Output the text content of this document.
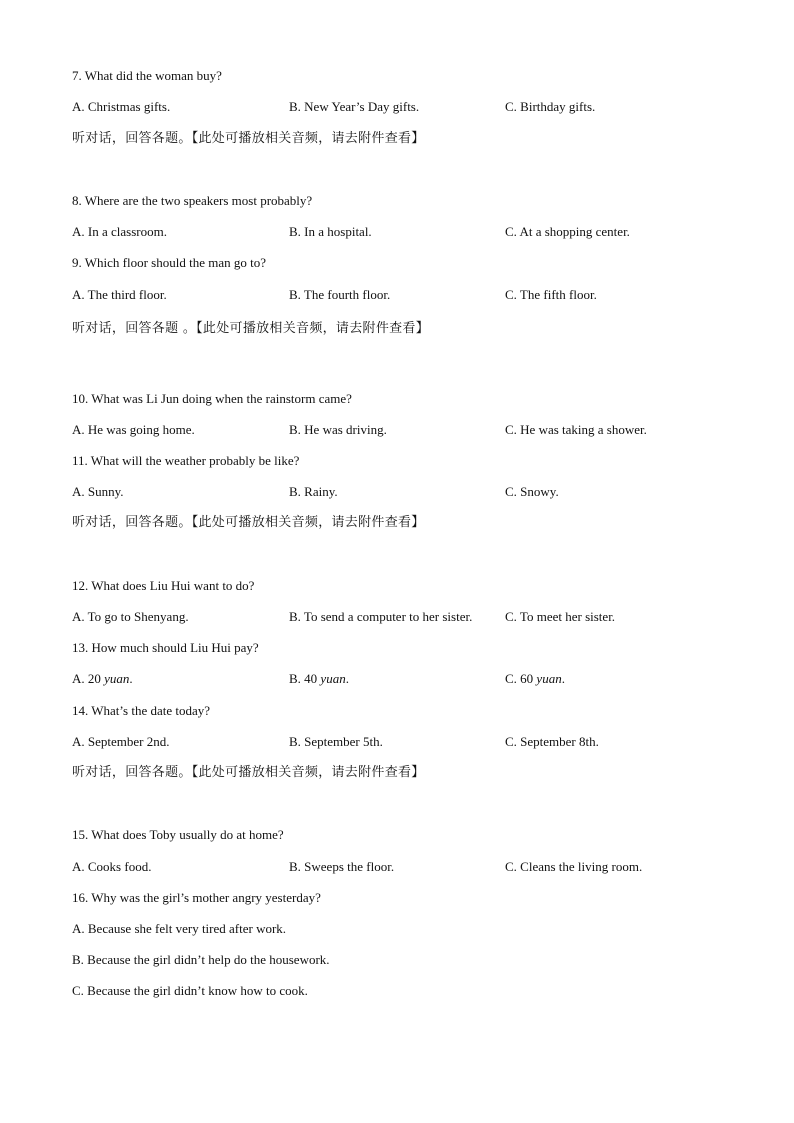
7. What did the woman buy?
A. Christmas gifts.	B. New Year’s Day gifts.	C. Birthday gifts.
听对话，回答各题。【此处可播放相关音频，请去附件查看】
8. Where are the two speakers most probably?
A. In a classroom.	B. In a hospital.	C. At a shopping center.
9. Which floor should the man go to?
A. The third floor.	B. The fourth floor.	C. The fifth floor.
听对话，回答各题 。【此处可播放相关音频，请去附件查看】
10. What was Li Jun doing when the rainstorm came?
A. He was going home.	B. He was driving.	C. He was taking a shower.
11. What will the weather probably be like?
A. Sunny.	B. Rainy.	C. Snowy.
听对话，回答各题。【此处可播放相关音频，请去附件查看】
12. What does Liu Hui want to do?
A. To go to Shenyang.	B. To send a computer to her sister.	C. To meet her sister.
13. How much should Liu Hui pay?
A. 20 yuan.	B. 40 yuan.	C. 60 yuan.
14. What’s the date today?
A. September 2nd.	B. September 5th.	C. September 8th.
听对话，回答各题。【此处可播放相关音频，请去附件查看】
15. What does Toby usually do at home?
A. Cooks food.	B. Sweeps the floor.	C. Cleans the living room.
16. Why was the girl’s mother angry yesterday?
A. Because she felt very tired after work.
B. Because the girl didn’t help do the housework.
C. Because the girl didn’t know how to cook.
